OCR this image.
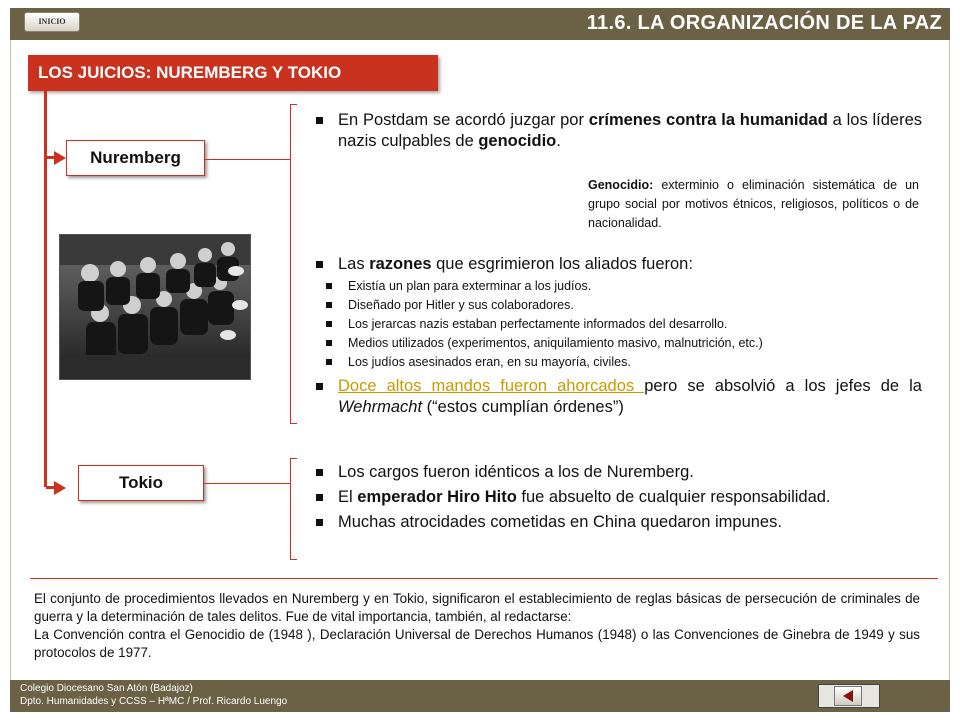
INICIO	11.6. LA ORGANIZACIÓN DE LA PAZ
LOS JUICIOS: NUREMBERG Y TOKIO
Nuremberg
Tokio

En Postdam se acordó juzgar por crímenes contra la humanidad a los líderes nazis culpables de genocidio.

Genocidio: exterminio o eliminación sistemática de un grupo social por motivos étnicos, religiosos, políticos o de nacionalidad.

Las razones que esgrimieron los aliados fueron:

Existía un plan para exterminar a los judíos.

Diseñado por Hitler y sus colaboradores.

Los jerarcas nazis estaban perfectamente informados del desarrollo.

Medios utilizados (experimentos, aniquilamiento masivo, malnutrición, etc.)

Los judíos asesinados eran, en su mayoría, civiles.

Doce altos mandos fueron ahorcados pero se absolvió a los jefes de la Wehrmacht (“estos cumplían órdenes”)

Los cargos fueron idénticos a los de Nuremberg.

El emperador Hiro Hito fue absuelto de cualquier responsabilidad.

Muchas atrocidades cometidas en China quedaron impunes.

El conjunto de procedimientos llevados en Nuremberg y en Tokio, significaron el establecimiento de reglas básicas de persecución de criminales de guerra y la determinación de tales delitos. Fue de vital importancia, también, al redactarse:

La Convención contra el Genocidio de (1948 ), Declaración Universal de Derechos Humanos (1948) o las Convenciones de Ginebra de 1949 y sus protocolos de 1977.

Colegio Diocesano San Atón (Badajoz)
Dpto. Humanidades y CCSS – HªMC / Prof. Ricardo Luengo
